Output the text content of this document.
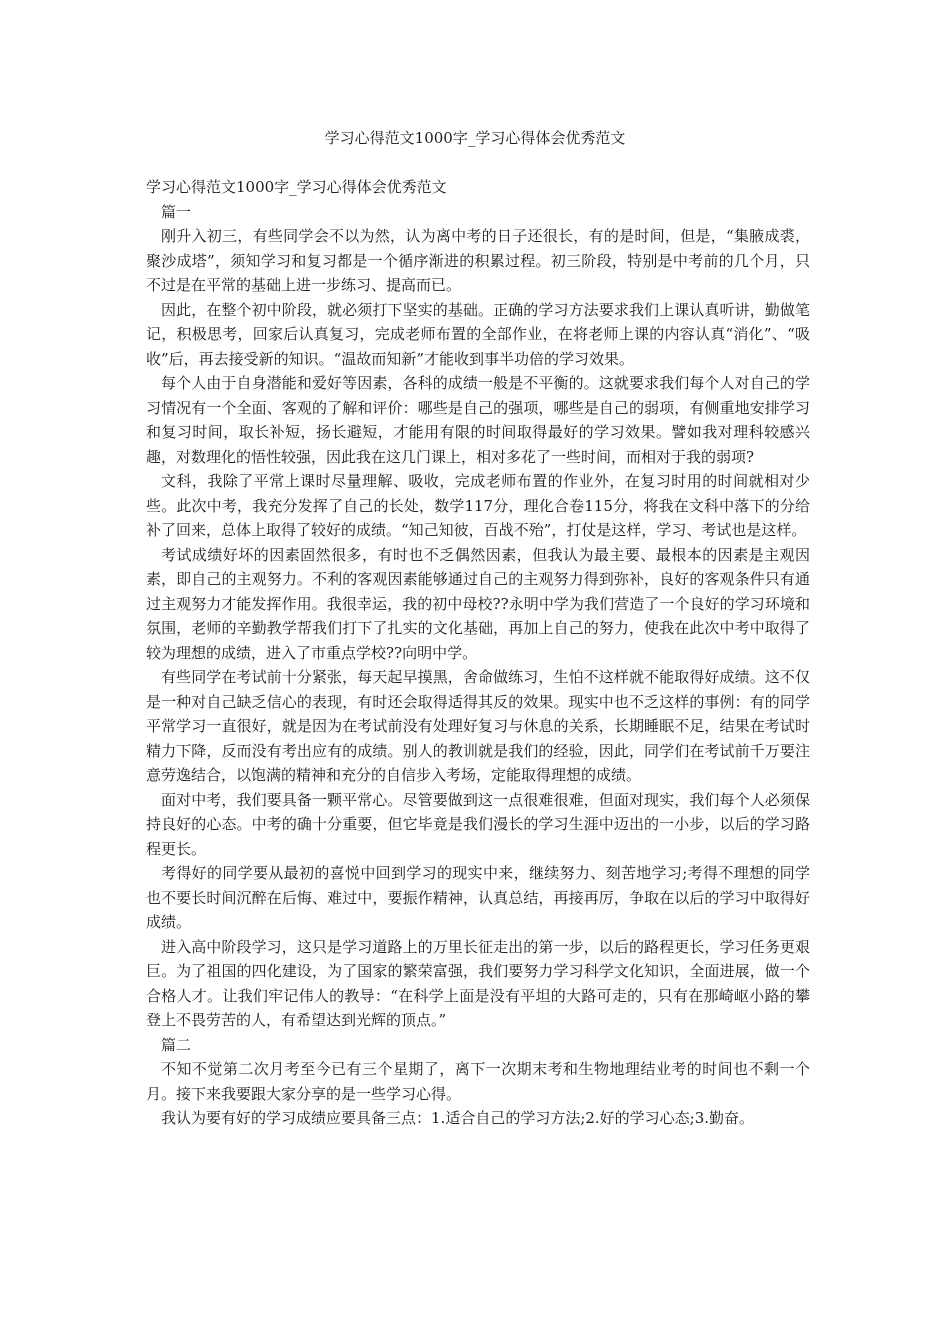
学习心得范文1000字_学习心得体会优秀范文

学习心得范文1000字_学习心得体会优秀范文

篇一

刚升入初三，有些同学会不以为然，认为离中考的日子还很长，有的是时间，但是，“集腋成裘，聚沙成塔”，须知学习和复习都是一个循序渐进的积累过程。初三阶段，特别是中考前的几个月，只不过是在平常的基础上进一步练习、提高而已。

因此，在整个初中阶段，就必须打下坚实的基础。正确的学习方法要求我们上课认真听讲，勤做笔记，积极思考，回家后认真复习，完成老师布置的全部作业，在将老师上课的内容认真“消化”、“吸收”后，再去接受新的知识。“温故而知新”才能收到事半功倍的学习效果。

每个人由于自身潜能和爱好等因素，各科的成绩一般是不平衡的。这就要求我们每个人对自己的学习情况有一个全面、客观的了解和评价：哪些是自己的强项，哪些是自己的弱项，有侧重地安排学习和复习时间，取长补短，扬长避短，才能用有限的时间取得最好的学习效果。譬如我对理科较感兴趣，对数理化的悟性较强，因此我在这几门课上，相对多花了一些时间，而相对于我的弱项?

文科，我除了平常上课时尽量理解、吸收，完成老师布置的作业外，在复习时用的时间就相对少些。此次中考，我充分发挥了自己的长处，数学117分，理化合卷115分，将我在文科中落下的分给补了回来，总体上取得了较好的成绩。“知己知彼，百战不殆”，打仗是这样，学习、考试也是这样。

考试成绩好坏的因素固然很多，有时也不乏偶然因素，但我认为最主要、最根本的因素是主观因素，即自己的主观努力。不利的客观因素能够通过自己的主观努力得到弥补，良好的客观条件只有通过主观努力才能发挥作用。我很幸运，我的初中母校??永明中学为我们营造了一个良好的学习环境和氛围，老师的辛勤教学帮我们打下了扎实的文化基础，再加上自己的努力，使我在此次中考中取得了较为理想的成绩，进入了市重点学校??向明中学。

有些同学在考试前十分紧张，每天起早摸黑，舍命做练习，生怕不这样就不能取得好成绩。这不仅是一种对自己缺乏信心的表现，有时还会取得适得其反的效果。现实中也不乏这样的事例：有的同学平常学习一直很好，就是因为在考试前没有处理好复习与休息的关系，长期睡眠不足，结果在考试时精力下降，反而没有考出应有的成绩。别人的教训就是我们的经验，因此，同学们在考试前千万要注意劳逸结合，以饱满的精神和充分的自信步入考场，定能取得理想的成绩。

面对中考，我们要具备一颗平常心。尽管要做到这一点很难很难，但面对现实，我们每个人必须保持良好的心态。中考的确十分重要，但它毕竟是我们漫长的学习生涯中迈出的一小步，以后的学习路程更长。

考得好的同学要从最初的喜悦中回到学习的现实中来，继续努力、刻苦地学习;考得不理想的同学也不要长时间沉醉在后悔、难过中，要振作精神，认真总结，再接再厉，争取在以后的学习中取得好成绩。

进入高中阶段学习，这只是学习道路上的万里长征走出的第一步，以后的路程更长，学习任务更艰巨。为了祖国的四化建设，为了国家的繁荣富强，我们要努力学习科学文化知识，全面进展，做一个合格人才。让我们牢记伟人的教导：“在科学上面是没有平坦的大路可走的，只有在那崎岖小路的攀登上不畏劳苦的人，有希望达到光辉的顶点。”

篇二

不知不觉第二次月考至今已有三个星期了，离下一次期末考和生物地理结业考的时间也不剩一个月。接下来我要跟大家分享的是一些学习心得。

我认为要有好的学习成绩应要具备三点：1.适合自己的学习方法;2.好的学习心态;3.勤奋。
